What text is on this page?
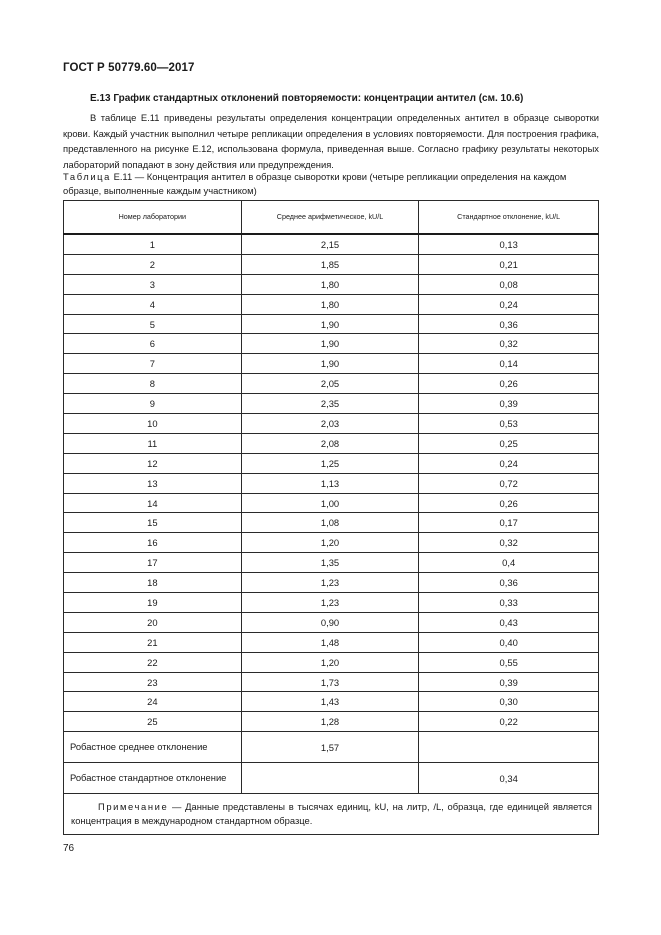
ГОСТ Р 50779.60—2017
Е.13 График стандартных отклонений повторяемости: концентрации антител (см. 10.6)

В таблице Е.11 приведены результаты определения концентрации определенных антител в образце сыворотки крови. Каждый участник выполнил четыре репликации определения в условиях повторяемости. Для построения графика, представленного на рисунке Е.12, использована формула, приведенная выше. Согласно графику результаты некоторых лабораторий попадают в зону действия или предупреждения.

Таблица Е.11 — Концентрация антител в образце сыворотки крови (четыре репликации определения на каждом образце, выполненные каждым участником)
Номер лаборатории	Среднее арифметическое, kU/L	Стандартное отклонение, kU/L
1	2,15	0,13
2	1,85	0,21
3	1,80	0,08
4	1,80	0,24
5	1,90	0,36
6	1,90	0,32
7	1,90	0,14
8	2,05	0,26
9	2,35	0,39
10	2,03	0,53
11	2,08	0,25
12	1,25	0,24
13	1,13	0,72
14	1,00	0,26
15	1,08	0,17
16	1,20	0,32
17	1,35	0,4
18	1,23	0,36
19	1,23	0,33
20	0,90	0,43
21	1,48	0,40
22	1,20	0,55
23	1,73	0,39
24	1,43	0,30
25	1,28	0,22
Робастное среднее отклонение	1,57	
Робастное стандартное отклонение		0,34
Примечание — Данные представлены в тысячах единиц, kU, на литр, /L, образца, где единицей является концентрация в международном стандартном образце.		
76
